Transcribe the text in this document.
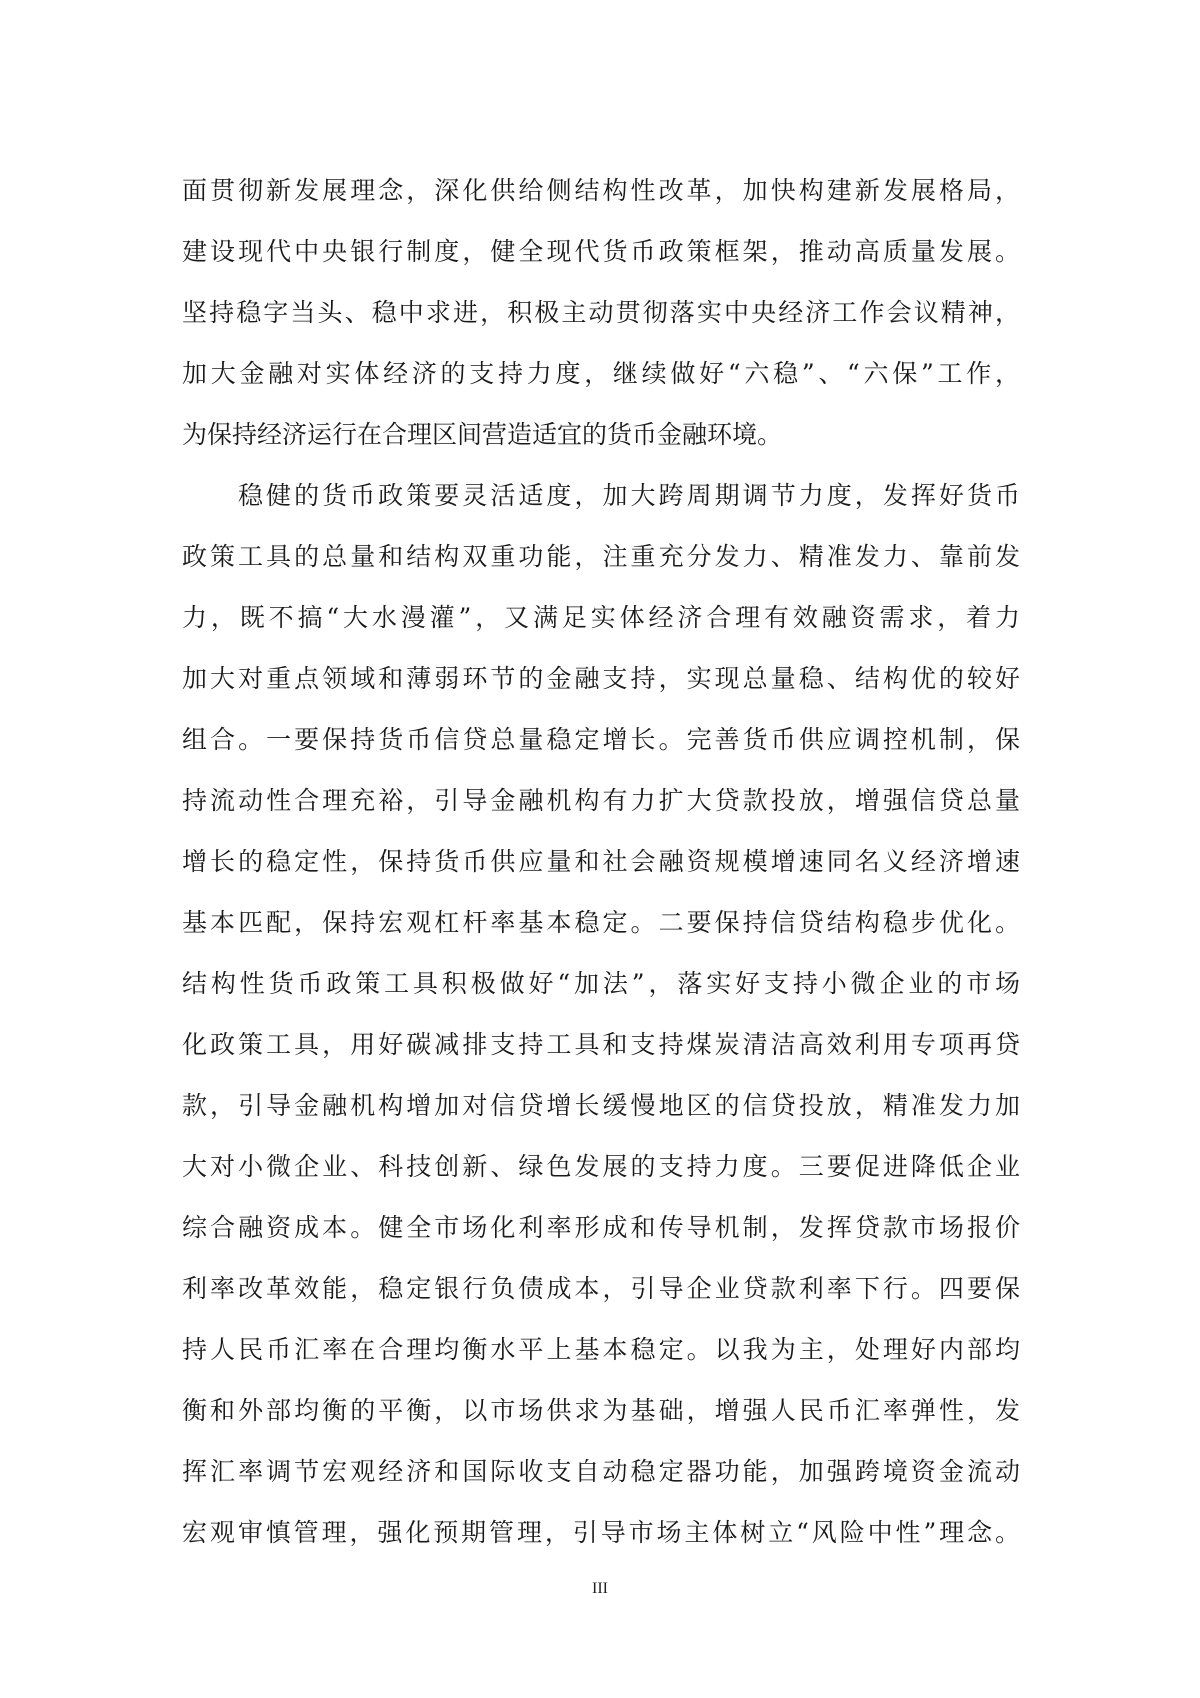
面贯彻新发展理念，深化供给侧结构性改革，加快构建新发展格局，
建设现代中央银行制度，健全现代货币政策框架，推动高质量发展。
坚持稳字当头、稳中求进，积极主动贯彻落实中央经济工作会议精神，
加大金融对实体经济的支持力度，继续做好“六稳”、“六保”工作，
为保持经济运行在合理区间营造适宜的货币金融环境。
稳健的货币政策要灵活适度，加大跨周期调节力度，发挥好货币
政策工具的总量和结构双重功能，注重充分发力、精准发力、靠前发
力，既不搞“大水漫灌”，又满足实体经济合理有效融资需求，着力
加大对重点领域和薄弱环节的金融支持，实现总量稳、结构优的较好
组合。一要保持货币信贷总量稳定增长。完善货币供应调控机制，保
持流动性合理充裕，引导金融机构有力扩大贷款投放，增强信贷总量
增长的稳定性，保持货币供应量和社会融资规模增速同名义经济增速
基本匹配，保持宏观杠杆率基本稳定。二要保持信贷结构稳步优化。
结构性货币政策工具积极做好“加法”，落实好支持小微企业的市场
化政策工具，用好碳减排支持工具和支持煤炭清洁高效利用专项再贷
款，引导金融机构增加对信贷增长缓慢地区的信贷投放，精准发力加
大对小微企业、科技创新、绿色发展的支持力度。三要促进降低企业
综合融资成本。健全市场化利率形成和传导机制，发挥贷款市场报价
利率改革效能，稳定银行负债成本，引导企业贷款利率下行。四要保
持人民币汇率在合理均衡水平上基本稳定。以我为主，处理好内部均
衡和外部均衡的平衡，以市场供求为基础，增强人民币汇率弹性，发
挥汇率调节宏观经济和国际收支自动稳定器功能，加强跨境资金流动
宏观审慎管理，强化预期管理，引导市场主体树立“风险中性”理念。
III
